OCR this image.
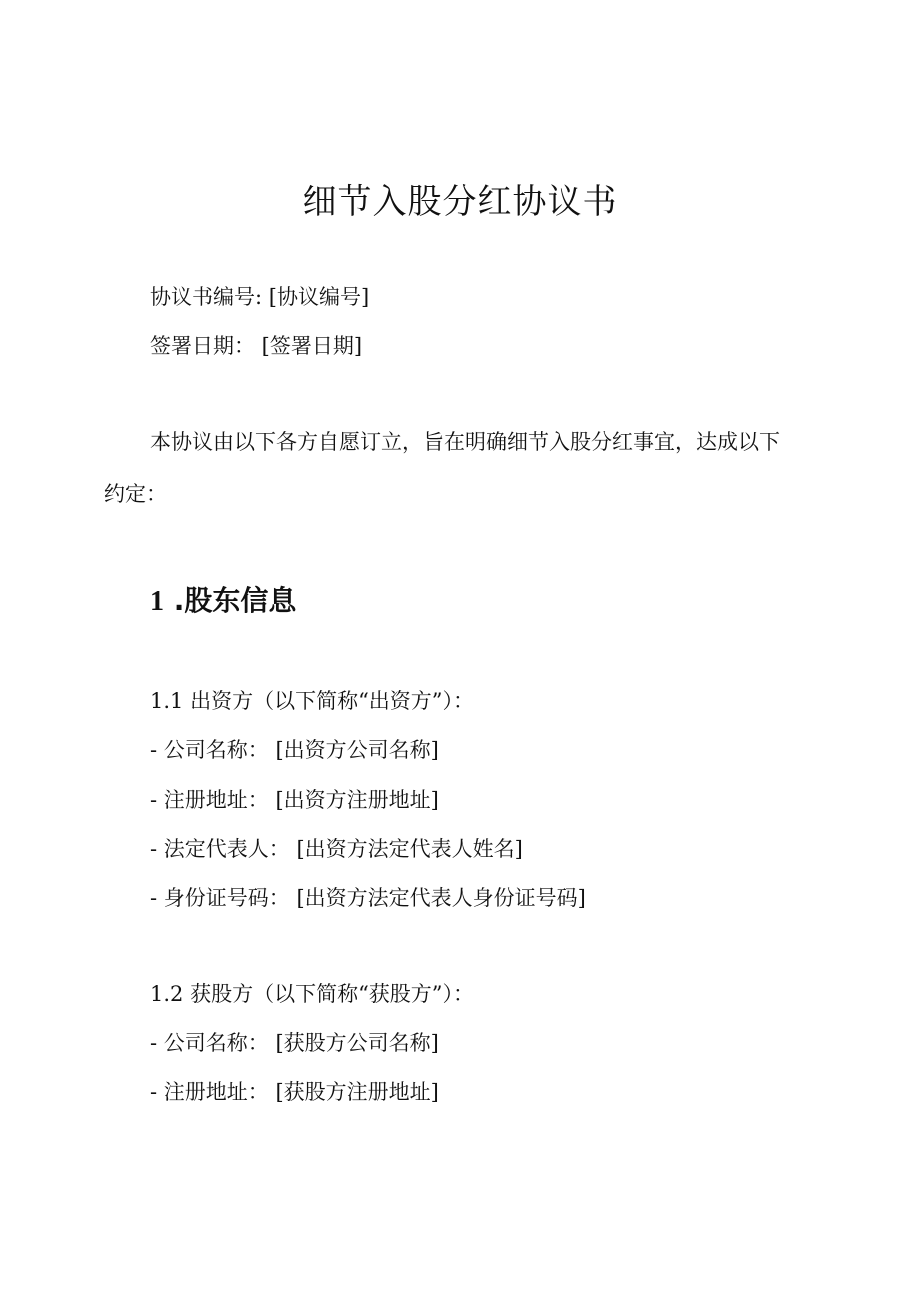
细节入股分红协议书
协议书编号: [协议编号]
签署日期： [签署日期]
本协议由以下各方自愿订立，旨在明确细节入股分红事宜，达成以下
约定：
1 .股东信息
1.1 出资方（以下简称“出资方”）：
- 公司名称： [出资方公司名称]
- 注册地址： [出资方注册地址]
- 法定代表人： [出资方法定代表人姓名]
- 身份证号码： [出资方法定代表人身份证号码]
1.2 获股方（以下简称“获股方”）：
- 公司名称： [获股方公司名称]
- 注册地址： [获股方注册地址]
